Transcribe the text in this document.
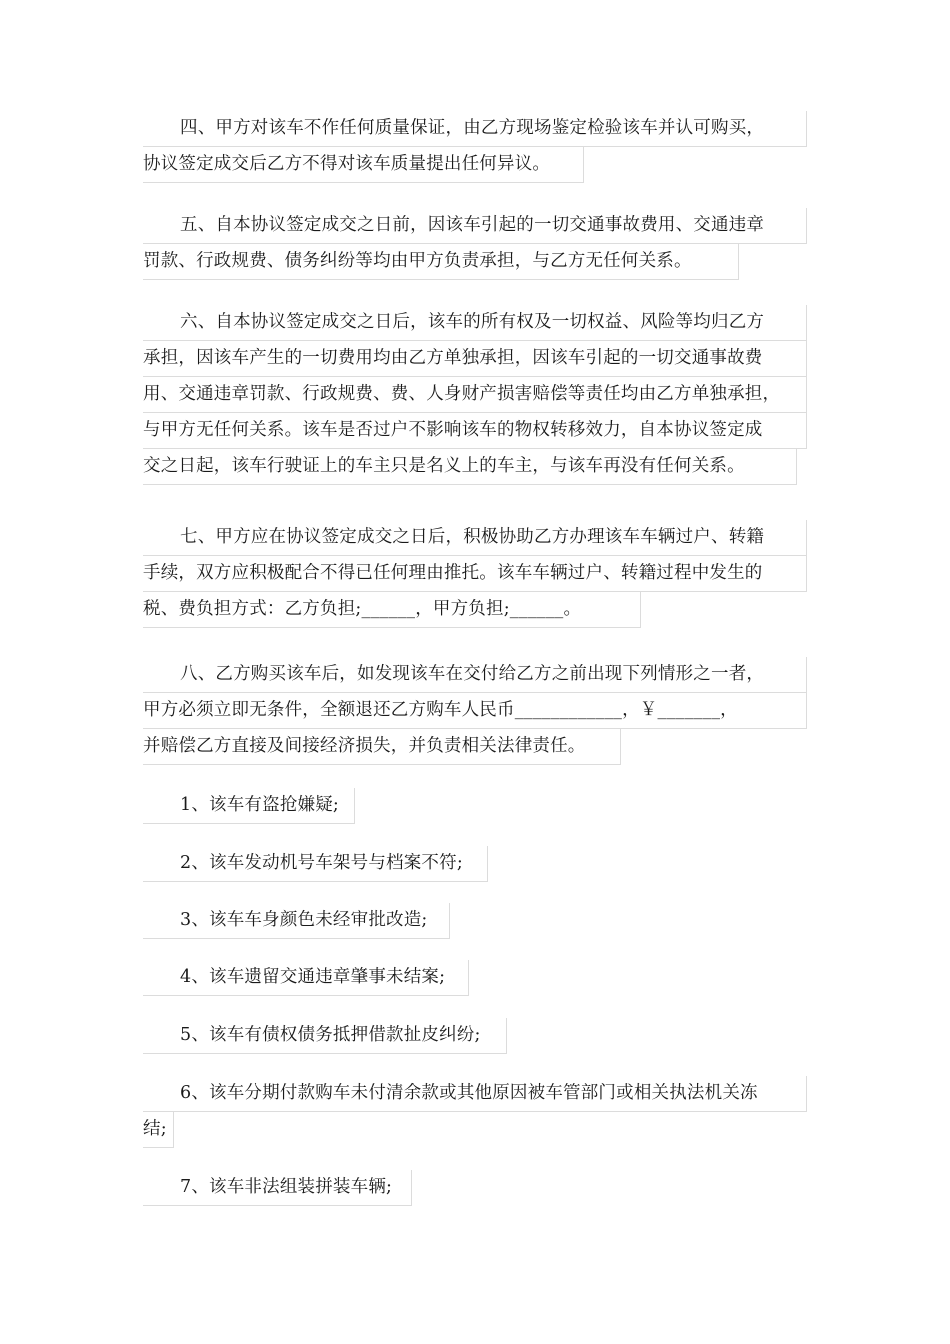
四、甲方对该车不作任何质量保证，由乙方现场鉴定检验该车并认可购买，
协议签定成交后乙方不得对该车质量提出任何异议。
五、自本协议签定成交之日前，因该车引起的一切交通事故费用、交通违章
罚款、行政规费、债务纠纷等均由甲方负责承担，与乙方无任何关系。
六、自本协议签定成交之日后，该车的所有权及一切权益、风险等均归乙方
承担，因该车产生的一切费用均由乙方单独承担，因该车引起的一切交通事故费
用、交通违章罚款、行政规费、费、人身财产损害赔偿等责任均由乙方单独承担，
与甲方无任何关系。该车是否过户不影响该车的物权转移效力，自本协议签定成
交之日起，该车行驶证上的车主只是名义上的车主，与该车再没有任何关系。
七、甲方应在协议签定成交之日后，积极协助乙方办理该车车辆过户、转籍
手续，双方应积极配合不得已任何理由推托。该车车辆过户、转籍过程中发生的
税、费负担方式：乙方负担;______，甲方负担;______。
八、乙方购买该车后，如发现该车在交付给乙方之前出现下列情形之一者，
甲方必须立即无条件，全额退还乙方购车人民币____________，￥_______，
并赔偿乙方直接及间接经济损失，并负责相关法律责任。
1、该车有盗抢嫌疑;
2、该车发动机号车架号与档案不符;
3、该车车身颜色未经审批改造;
4、该车遗留交通违章肇事未结案;
5、该车有债权债务抵押借款扯皮纠纷;
6、该车分期付款购车未付清余款或其他原因被车管部门或相关执法机关冻
结;
7、该车非法组装拼装车辆;
